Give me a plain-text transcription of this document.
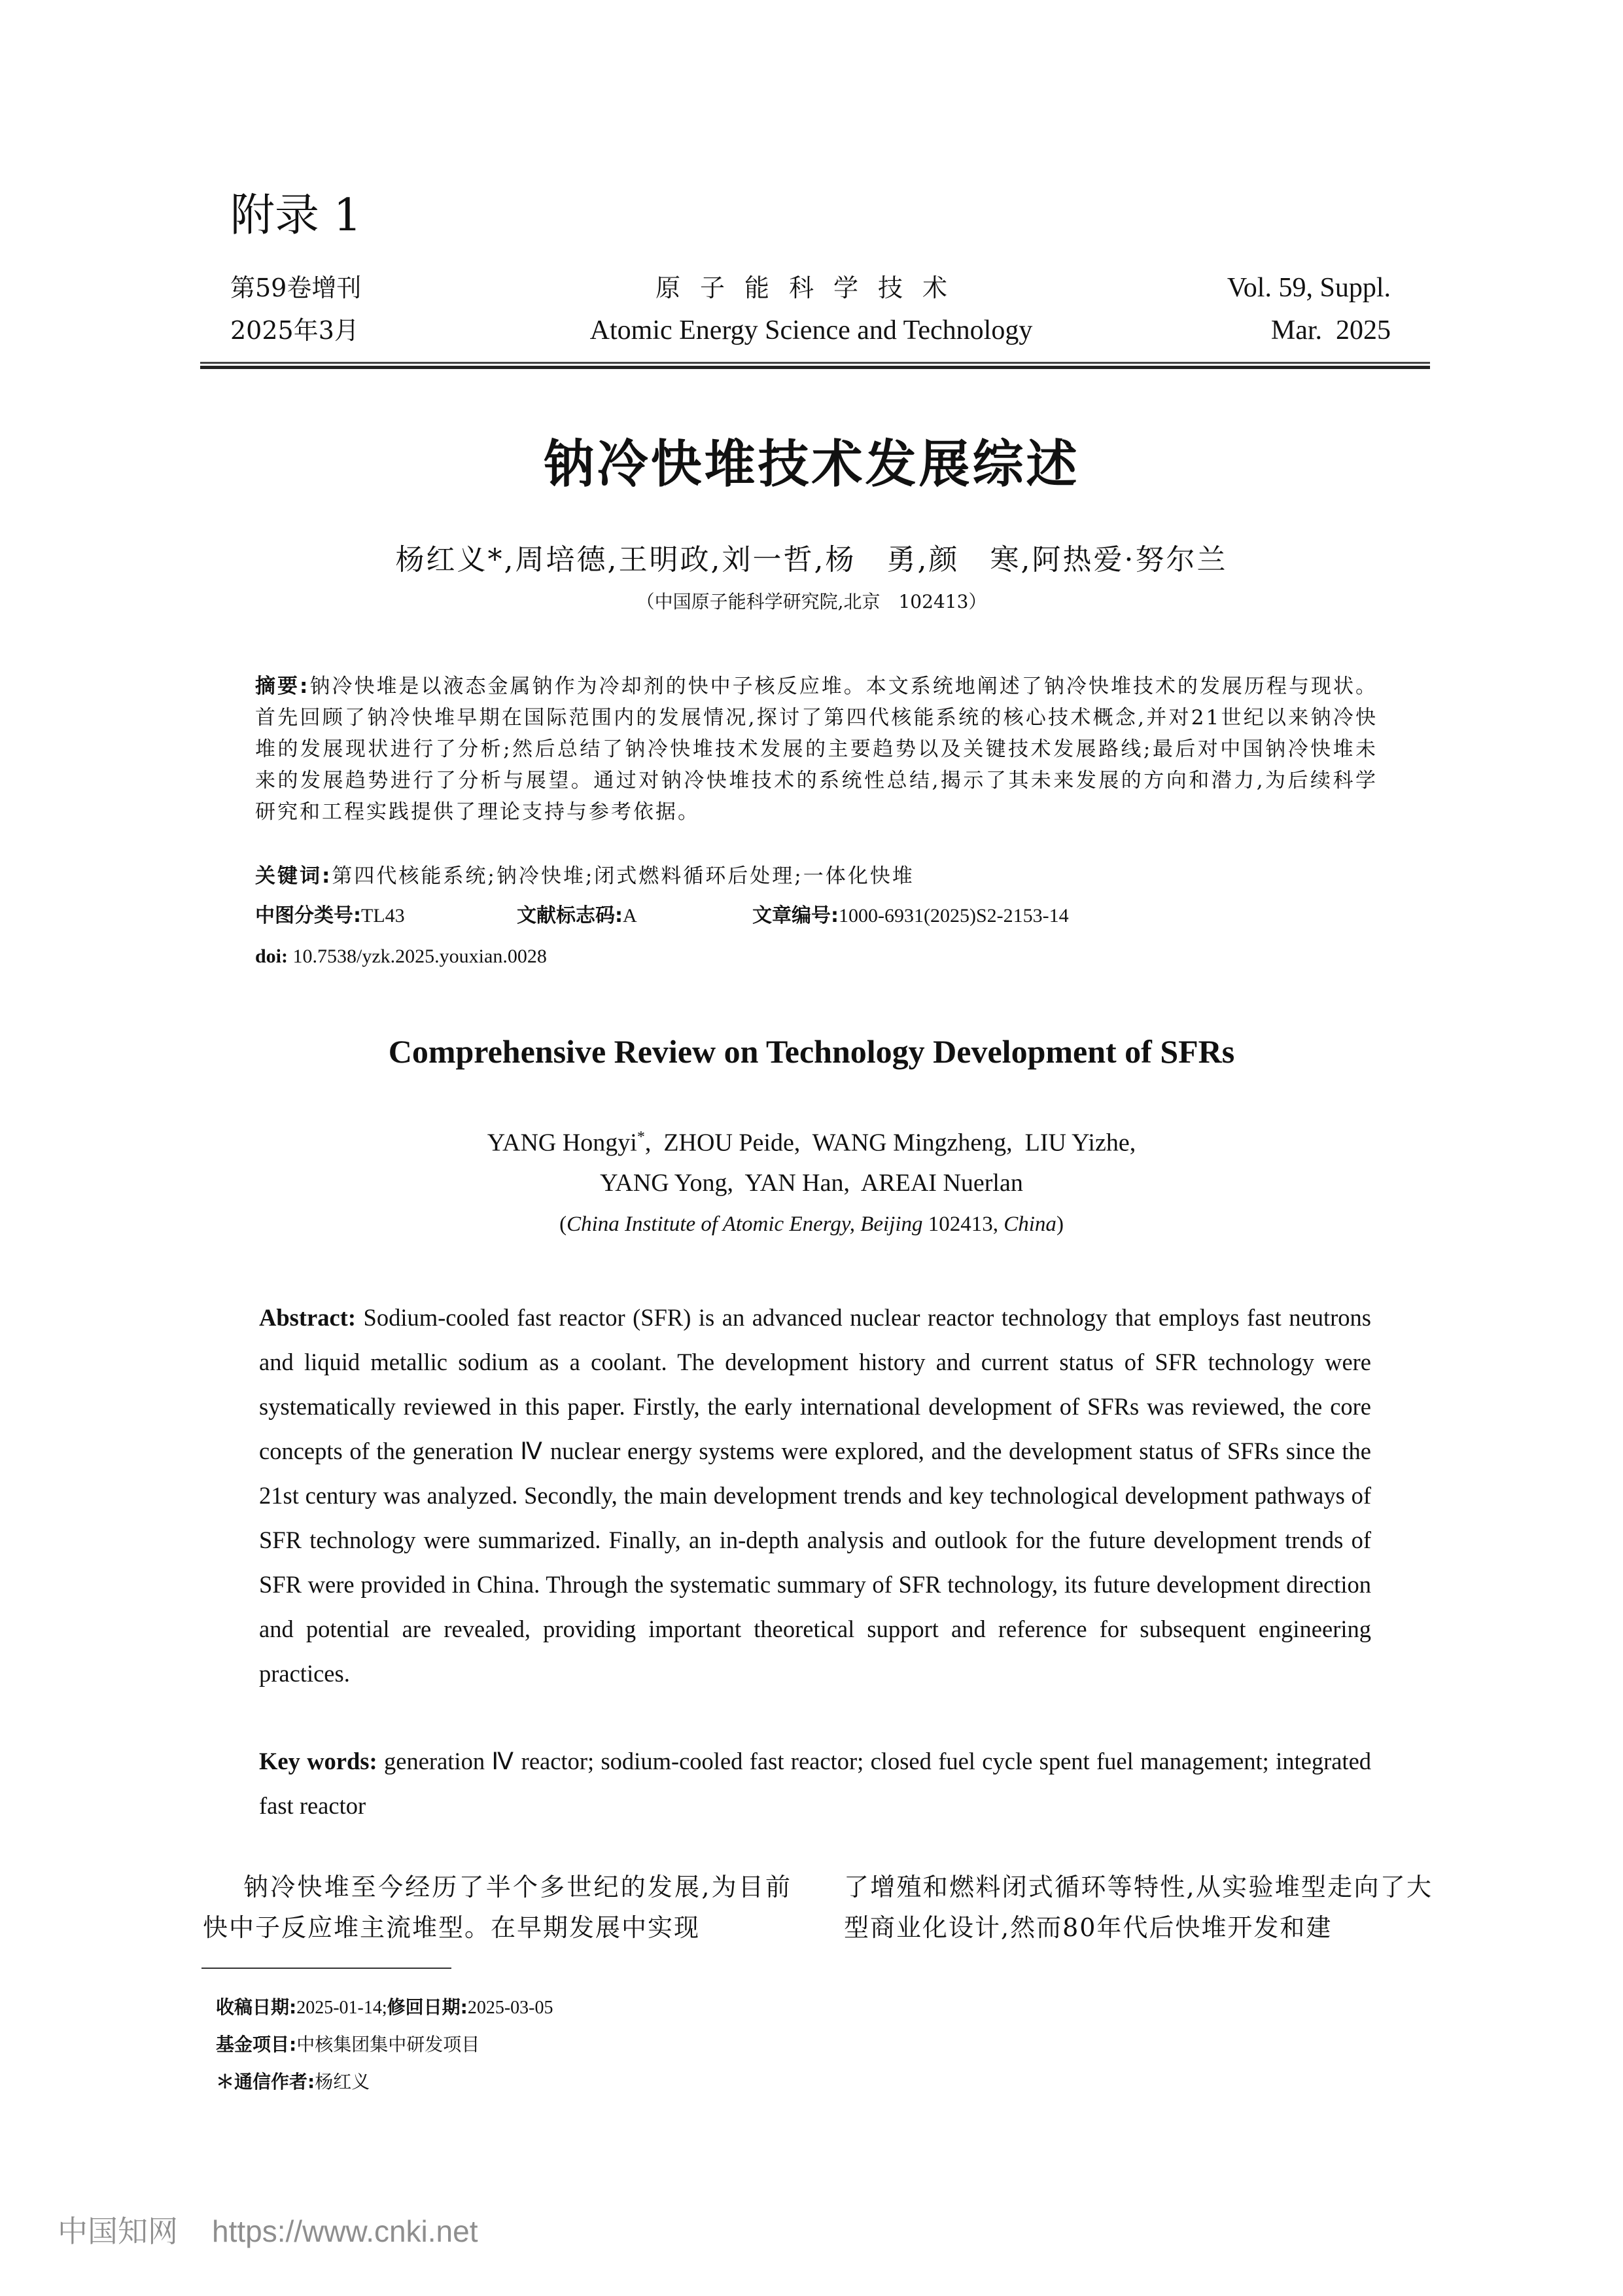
附录 1
第59卷增刊
2025年3月
原子能科学技术
Atomic Energy Science and Technology
Vol. 59, Suppl.
Mar.  2025
钠冷快堆技术发展综述
杨红义*,周培德,王明政,刘一哲,杨　勇,颜　寒,阿热爱·努尔兰
（中国原子能科学研究院,北京　102413）
摘要:钠冷快堆是以液态金属钠作为冷却剂的快中子核反应堆。本文系统地阐述了钠冷快堆技术的发展历程与现状。首先回顾了钠冷快堆早期在国际范围内的发展情况,探讨了第四代核能系统的核心技术概念,并对21世纪以来钠冷快堆的发展现状进行了分析;然后总结了钠冷快堆技术发展的主要趋势以及关键技术发展路线;最后对中国钠冷快堆未来的发展趋势进行了分析与展望。通过对钠冷快堆技术的系统性总结,揭示了其未来发展的方向和潜力,为后续科学研究和工程实践提供了理论支持与参考依据。
关键词:第四代核能系统;钠冷快堆;闭式燃料循环后处理;一体化快堆
中图分类号:TL43	文献标志码:A	文章编号:1000-6931(2025)S2-2153-14
doi: 10.7538/yzk.2025.youxian.0028
Comprehensive Review on Technology Development of SFRs
YANG Hongyi*,  ZHOU Peide,  WANG Mingzheng,  LIU Yizhe,
YANG Yong,  YAN Han,  AREAI Nuerlan
(China Institute of Atomic Energy, Beijing 102413, China)
Abstract: Sodium-cooled fast reactor (SFR) is an advanced nuclear reactor technology that employs fast neutrons and liquid metallic sodium as a coolant. The development history and current status of SFR technology were systematically reviewed in this paper. Firstly, the early international development of SFRs was reviewed, the core concepts of the generation Ⅳ nuclear energy systems were explored, and the development status of SFRs since the 21st century was analyzed. Secondly, the main development trends and key technological development pathways of SFR technology were summarized. Finally, an in-depth analysis and outlook for the future development trends of SFR were provided in China. Through the systematic summary of SFR technology, its future development direction and potential are revealed, providing important theoretical support and reference for subsequent engineering practices.
Key words: generation Ⅳ reactor; sodium-cooled fast reactor; closed fuel cycle spent fuel management; integrated fast reactor
钠冷快堆至今经历了半个多世纪的发展,为目前快中子反应堆主流堆型。在早期发展中实现
了增殖和燃料闭式循环等特性,从实验堆型走向了大型商业化设计,然而80年代后快堆开发和建
收稿日期:2025-01-14;修回日期:2025-03-05
基金项目:中核集团集中研发项目
＊通信作者:杨红义
中国知网 https://www.cnki.net
